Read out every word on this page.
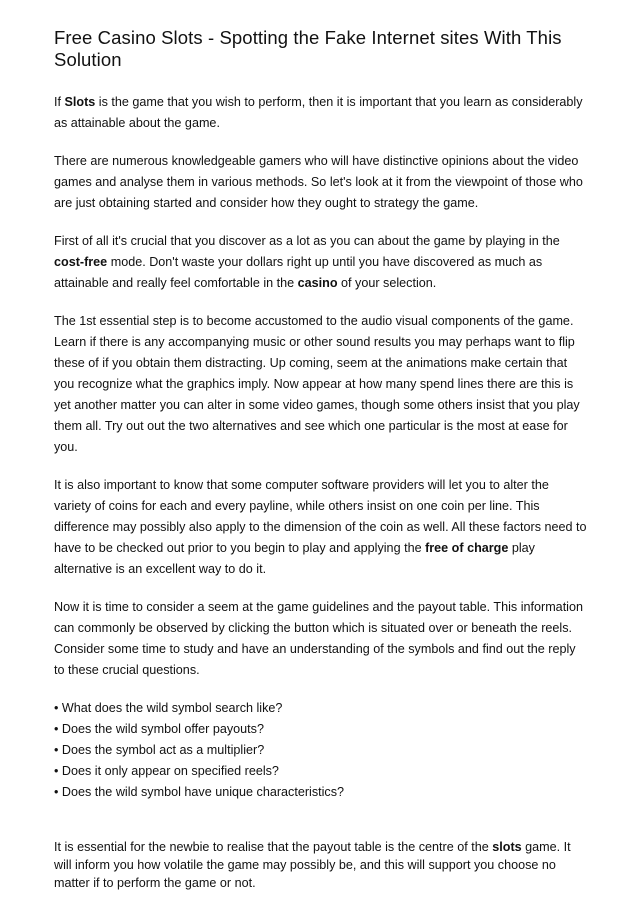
Free Casino Slots - Spotting the Fake Internet sites With This Solution

If Slots is the game that you wish to perform, then it is important that you learn as considerably as attainable about the game.

There are numerous knowledgeable gamers who will have distinctive opinions about the video games and analyse them in various methods. So let's look at it from the viewpoint of those who are just obtaining started and consider how they ought to strategy the game.

First of all it's crucial that you discover as a lot as you can about the game by playing in the cost-free mode. Don't waste your dollars right up until you have discovered as much as attainable and really feel comfortable in the casino of your selection.

The 1st essential step is to become accustomed to the audio visual components of the game. Learn if there is any accompanying music or other sound results you may perhaps want to flip these of if you obtain them distracting. Up coming, seem at the animations make certain that you recognize what the graphics imply. Now appear at how many spend lines there are this is yet another matter you can alter in some video games, though some others insist that you play them all. Try out out the two alternatives and see which one particular is the most at ease for you.

It is also important to know that some computer software providers will let you to alter the variety of coins for each and every payline, while others insist on one coin per line. This difference may possibly also apply to the dimension of the coin as well. All these factors need to have to be checked out prior to you begin to play and applying the free of charge play alternative is an excellent way to do it.

Now it is time to consider a seem at the game guidelines and the payout table. This information can commonly be observed by clicking the button which is situated over or beneath the reels. Consider some time to study and have an understanding of the symbols and find out the reply to these crucial questions.

• What does the wild symbol search like?
• Does the wild symbol offer payouts?
• Does the symbol act as a multiplier?
• Does it only appear on specified reels?
• Does the wild symbol have unique characteristics?

It is essential for the newbie to realise that the payout table is the centre of the slots game. It will inform you how volatile the game may possibly be, and this will support you choose no matter if to perform the game or not.
